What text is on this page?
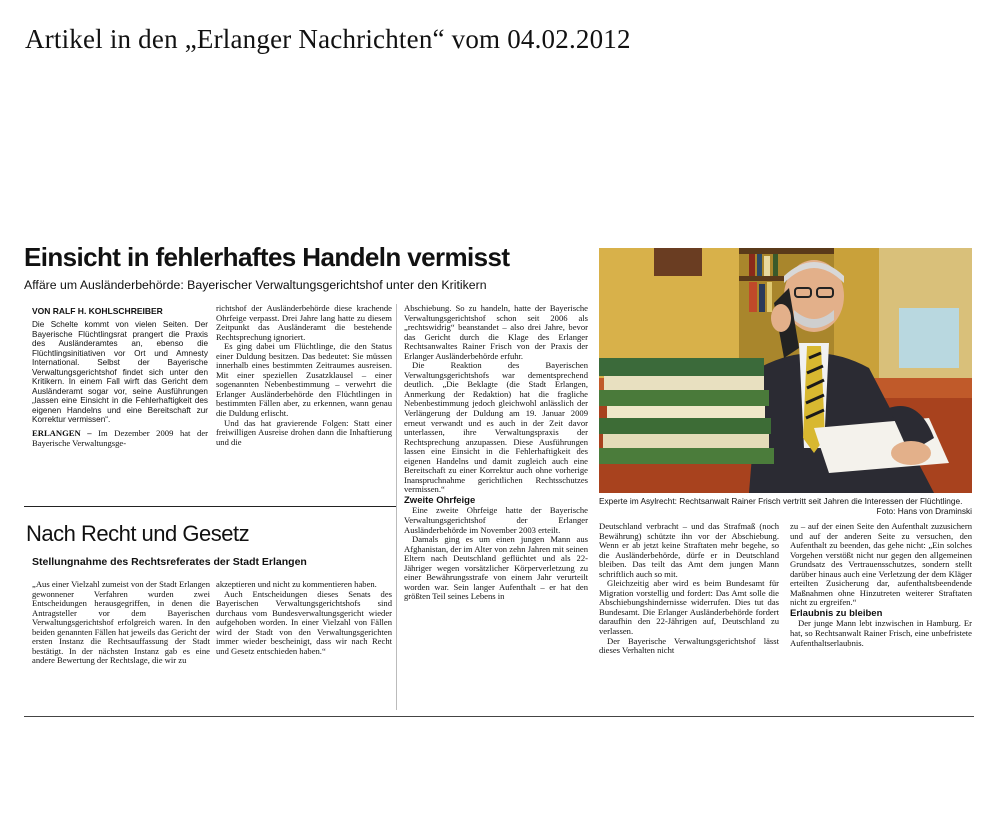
Artikel in den „Erlanger Nachrichten“ vom 04.02.2012
Einsicht in fehlerhaftes Handeln vermisst
Affäre um Ausländerbehörde: Bayerischer Verwaltungsgerichtshof unter den Kritikern
VON RALF H. KOHLSCHREIBER

Die Schelte kommt von vielen Seiten. Der Bayerische Flüchtlingsrat prangert die Praxis des Ausländeramtes an, ebenso die Flüchtlingsinitiativen vor Ort und Amnesty International. Selbst der Bayerische Verwaltungsgerichtshof findet sich unter den Kritikern. In einem Fall wirft das Gericht dem Ausländeramt sogar vor, seine Ausführungen „lassen eine Einsicht in die Fehlerhaftigkeit des eigenen Handelns und eine Bereitschaft zur Korrektur vermissen“.

ERLANGEN – Im Dezember 2009 hat der Bayerische Verwaltungsge-

richtshof der Ausländerbehörde diese krachende Ohrfeige verpasst. Drei Jahre lang hatte zu diesem Zeitpunkt das Ausländeramt die bestehende Rechtsprechung ignoriert.

Es ging dabei um Flüchtlinge, die den Status einer Duldung besitzen. Das bedeutet: Sie müssen innerhalb eines bestimmten Zeitraumes ausreisen. Mit einer speziellen Zusatzklausel – einer sogenannten Nebenbestimmung – verwehrt die Erlanger Ausländerbehörde den Flüchtlingen in bestimmten Fällen aber, zu erkennen, wann genau die Duldung erlischt.

Und das hat gravierende Folgen: Statt einer freiwilligen Ausreise drohen dann die Inhaftierung und die

Abschiebung. So zu handeln, hatte der Bayerische Verwaltungsgerichtshof schon seit 2006 als „rechtswidrig“ beanstandet – also drei Jahre, bevor das Gericht durch die Klage des Erlanger Rechtsanwaltes Rainer Frisch von der Praxis der Erlanger Ausländerbehörde erfuhr.

Die Reaktion des Bayerischen Verwaltungsgerichtshofs war dementsprechend deutlich. „Die Beklagte (die Stadt Erlangen, Anmerkung der Redaktion) hat die fragliche Nebenbestimmung jedoch gleichwohl anlässlich der Verlängerung der Duldung am 19. Januar 2009 erneut verwandt und es auch in der Zeit davor unterlassen, ihre Verwaltungspraxis der Rechtsprechung anzupassen. Diese Ausführungen lassen eine Einsicht in die Fehlerhaftigkeit des eigenen Handelns und damit zugleich auch eine Bereitschaft zu einer Korrektur auch ohne vorherige Inanspruchnahme gerichtlichen Rechtsschutzes vermissen.“

Zweite Ohrfeige

Eine zweite Ohrfeige hatte der Bayerische Verwaltungsgerichtshof der Erlanger Ausländerbehörde im November 2003 erteilt.

Damals ging es um einen jungen Mann aus Afghanistan, der im Alter von zehn Jahren mit seinen Eltern nach Deutschland geflüchtet und als 22-Jähriger wegen vorsätzlicher Körperverletzung zu einer Bewährungsstrafe von einem Jahr verurteilt worden war. Sein langer Aufenthalt – er hat den größten Teil seines Lebens in

Experte im Asylrecht: Rechtsanwalt Rainer Frisch vertritt seit Jahren die Interessen der Flüchtlinge.
Foto: Hans von Draminski

Deutschland verbracht – und das Strafmaß (noch Bewährung) schützte ihn vor der Abschiebung. Wenn er ab jetzt keine Straftaten mehr begehe, so die Ausländerbehörde, dürfe er in Deutschland bleiben. Das teilt das Amt dem jungen Mann schriftlich auch so mit.

Gleichzeitig aber wird es beim Bundesamt für Migration vorstellig und fordert: Das Amt solle die Abschiebungshindernisse widerrufen. Dies tut das Bundesamt. Die Erlanger Ausländerbehörde fordert daraufhin den 22-Jährigen auf, Deutschland zu verlassen.

Der Bayerische Verwaltungsgerichtshof lässt dieses Verhalten nicht

zu – auf der einen Seite den Aufenthalt zuzusichern und auf der anderen Seite zu versuchen, den Aufenthalt zu beenden, das gehe nicht: „Ein solches Vorgehen verstößt nicht nur gegen den allgemeinen Grundsatz des Vertrauensschutzes, sondern stellt darüber hinaus auch eine Verletzung der dem Kläger erteilten Zusicherung dar, aufenthaltsbeendende Maßnahmen ohne Hinzutreten weiterer Straftaten nicht zu ergreifen.“

Erlaubnis zu bleiben

Der junge Mann lebt inzwischen in Hamburg. Er hat, so Rechtsanwalt Rainer Frisch, eine unbefristete Aufenthaltserlaubnis.

Nach Recht und Gesetz
Stellungnahme des Rechtsreferates der Stadt Erlangen

„Aus einer Vielzahl zumeist von der Stadt Erlangen gewonnener Verfahren wurden zwei Entscheidungen herausgegriffen, in denen die Antragsteller vor dem Bayerischen Verwaltungsgerichtshof erfolgreich waren. In den beiden genannten Fällen hat jeweils das Gericht der ersten Instanz die Rechtsauffassung der Stadt bestätigt. In der nächsten Instanz gab es eine andere Bewertung der Rechtslage, die wir zu

akzeptieren und nicht zu kommentieren haben.

Auch Entscheidungen dieses Senats des Bayerischen Verwaltungsgerichtshofs sind durchaus vom Bundesverwaltungsgericht wieder aufgehoben worden. In einer Vielzahl von Fällen wird der Stadt von den Verwaltungsgerichten immer wieder bescheinigt, dass wir nach Recht und Gesetz entschieden haben.“
